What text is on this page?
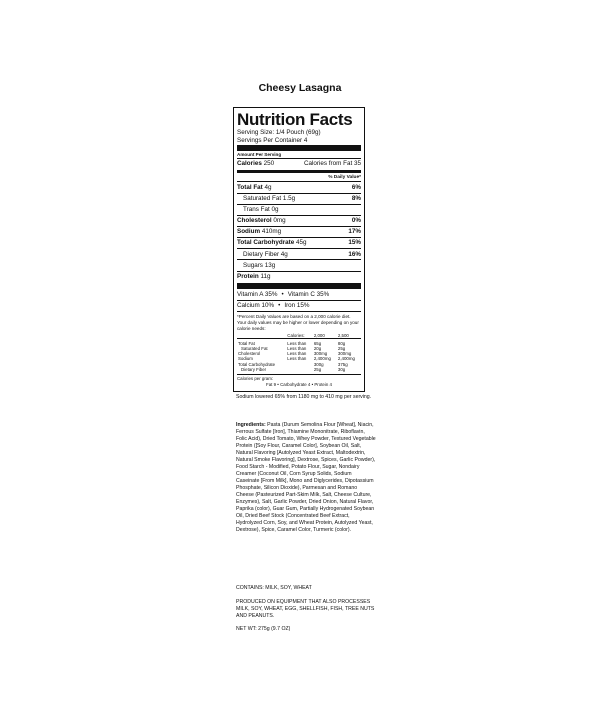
Cheesy Lasagna
Nutrition Facts
Serving Size: 1/4 Pouch (69g)
Servings Per Container 4
Amount Per Serving
Calories 250	Calories from Fat 35
% Daily Value*
Total Fat 4g	6%
Saturated Fat 1.5g	8%
Trans Fat 0g
Cholesterol 0mg	0%
Sodium 410mg	17%
Total Carbohydrate 45g	15%
Dietary Fiber 4g	16%
Sugars 13g
Protein 11g
Vitamin A 35% • Vitamin C 35%
Calcium 10% • Iron 15%
*Percent Daily Values are based on a 2,000 calorie diet. Your daily values may be higher or lower depending on your calorie needs:
	Calories:	2,000	2,500
Total Fat	Less than	65g	80g
Saturated Fat	Less than	20g	25g
Cholesterol	Less than	300mg	300mg
Sodium	Less than	2,400mg	2,400mg
Total Carbohydrate		300g	375g
Dietary Fiber		25g	30g
Calories per gram:
Fat 9 • Carbohydrate 4 • Protein 4
Sodium lowered 65% from 1180 mg to 410 mg per serving.

Ingredients: Pasta (Durum Semolina Flour [Wheat], Niacin, Ferrous Sulfate [Iron], Thiamine Mononitrate, Riboflavin, Folic Acid), Dried Tomato, Whey Powder, Textured Vegetable Protein ([Soy Flour, Caramel Color], Soybean Oil, Salt, Natural Flavoring [Autolyzed Yeast Extract, Maltodextrin, Natural Smoke Flavoring], Dextrose, Spices, Garlic Powder), Food Starch - Modified, Potato Flour, Sugar, Nondairy Creamer (Coconut Oil, Corn Syrup Solids, Sodium Caseinate [From Milk], Mono and Diglycerides, Dipotassium Phosphate, Silicon Dioxide), Parmesan and Romano Cheese (Pasteurized Part-Skim Milk, Salt, Cheese Culture, Enzymes), Salt, Garlic Powder, Dried Onion, Natural Flavor, Paprika (color), Guar Gum, Partially Hydrogenated Soybean Oil, Dried Beef Stock (Concentrated Beef Extract, Hydrolyzed Corn, Soy, and Wheat Protein, Autolyzed Yeast, Dextrose), Spice, Caramel Color, Turmeric (color).

CONTAINS: MILK, SOY, WHEAT
PRODUCED ON EQUIPMENT THAT ALSO PROCESSES MILK, SOY, WHEAT, EGG, SHELLFISH, FISH, TREE NUTS AND PEANUTS.
NET WT: 275g (9.7 OZ)
